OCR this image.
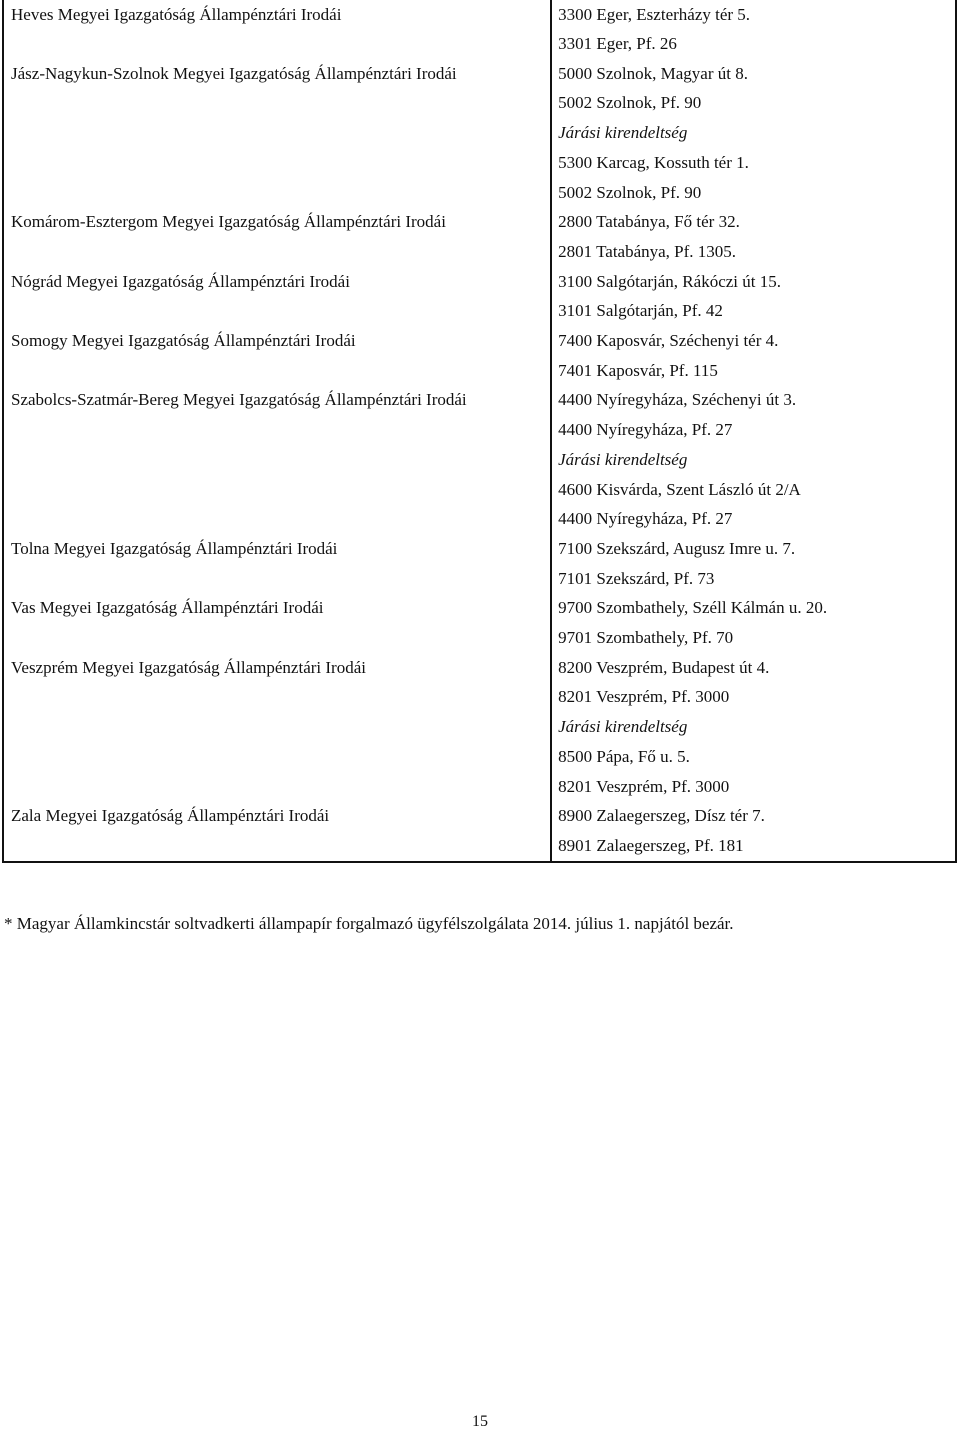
Heves Megyei Igazgatóság Állampénztári Irodái	3300 Eger, Eszterházy tér 5.
3301 Eger, Pf. 26

Jász-Nagykun-Szolnok Megyei Igazgatóság Állampénztári Irodái	5000 Szolnok, Magyar út 8.
5002 Szolnok, Pf. 90
Járási kirendeltség
5300 Karcag, Kossuth tér 1.
5002 Szolnok, Pf. 90

Komárom-Esztergom Megyei Igazgatóság Állampénztári Irodái	2800 Tatabánya, Fő tér 32.
2801 Tatabánya, Pf. 1305.

Nógrád Megyei Igazgatóság Állampénztári Irodái	3100 Salgótarján, Rákóczi út 15.
3101 Salgótarján, Pf. 42

Somogy Megyei Igazgatóság Állampénztári Irodái	7400 Kaposvár, Széchenyi tér 4.
7401 Kaposvár, Pf. 115

Szabolcs-Szatmár-Bereg Megyei Igazgatóság Állampénztári Irodái	4400 Nyíregyháza, Széchenyi út 3.
4400 Nyíregyháza, Pf. 27
Járási kirendeltség
4600 Kisvárda, Szent László út 2/A
4400 Nyíregyháza, Pf. 27

Tolna Megyei Igazgatóság Állampénztári Irodái	7100 Szekszárd, Augusz Imre u. 7.
7101 Szekszárd, Pf. 73

Vas Megyei Igazgatóság Állampénztári Irodái	9700 Szombathely, Széll Kálmán u. 20.
9701 Szombathely, Pf. 70

Veszprém Megyei Igazgatóság Állampénztári Irodái	8200 Veszprém, Budapest út 4.
8201 Veszprém, Pf. 3000
Járási kirendeltség
8500 Pápa, Fő u. 5.
8201 Veszprém, Pf. 3000

Zala Megyei Igazgatóság Állampénztári Irodái	8900 Zalaegerszeg, Dísz tér 7.
8901 Zalaegerszeg, Pf. 181
* Magyar Államkincstár soltvadkerti állampapír forgalmazó ügyfélszolgálata 2014. július 1. napjától bezár.
15
